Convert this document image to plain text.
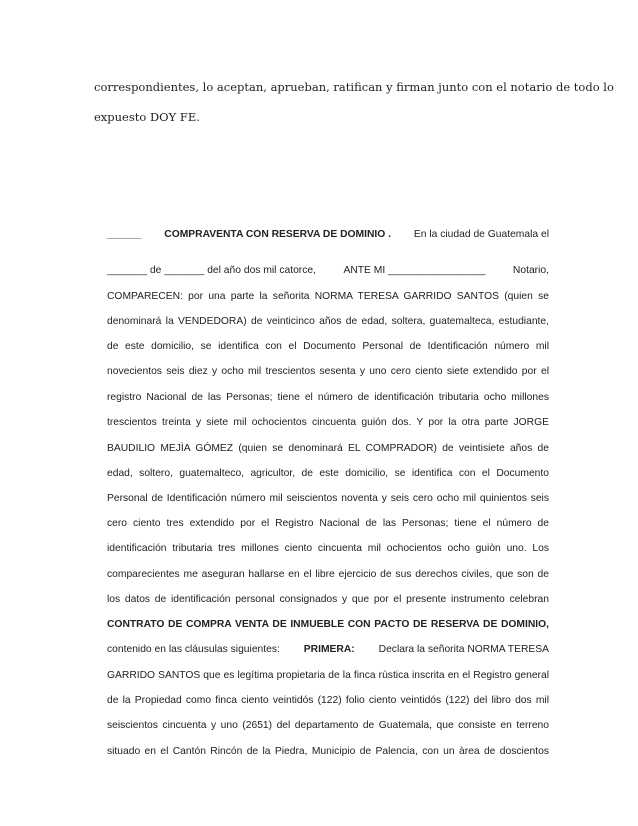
correspondientes, lo aceptan, aprueban, ratifican y firman junto con el notario de todo lo
expuesto DOY FE.
______ COMPRAVENTA CON RESERVA DE DOMINIO . En la ciudad de Guatemala el
_______ de _______ del año dos mil catorce,	ANTE MI _________________	Notario,
COMPARECEN: por una parte la señorita NORMA TERESA GARRIDO SANTOS (quien se
denominará la VENDEDORA) de veinticinco años de edad, soltera, guatemalteca, estudiante,
de este domicilio, se identifica con el Documento Personal de Identificación número mil
novecientos seis diez y ocho mil trescientos sesenta y uno cero ciento siete extendido por el
registro Nacional de las Personas; tiene el número de identificación tributaria ocho millones
trescientos treinta y siete mil ochocientos cincuenta guión dos. Y por la otra parte JORGE
BAUDILIO MEJÌA GÓMEZ (quien se denominará EL COMPRADOR) de veintisiete años de
edad, soltero, guatemalteco, agricultor, de este domicilio, se identifica con el Documento
Personal de Identificación número mil seiscientos noventa y seis cero ocho mil quinientos seis
cero ciento tres extendido por el Registro Nacional de las Personas; tiene el número de
identificación tributaria tres millones ciento cincuenta mil ochocientos ocho guiòn uno. Los
comparecientes me aseguran hallarse en el libre ejercicio de sus derechos civiles, que son de
los datos de identificación personal consignados y que por el presente instrumento celebran
CONTRATO DE COMPRA VENTA DE INMUEBLE CON PACTO DE RESERVA DE DOMINIO,
contenido en las cláusulas siguientes: PRIMERA: Declara la señorita NORMA TERESA
GARRIDO SANTOS que es legítima propietaria de la finca rùstica inscrita en el Registro general
de la Propiedad como finca ciento veintidós (122) folio ciento veintidós (122) del libro dos mil
seiscientos cincuenta y uno (2651) del departamento de Guatemala, que consiste en terreno
situado en el Cantón Rincón de la Piedra, Municipio de Palencia, con un àrea de doscientos
